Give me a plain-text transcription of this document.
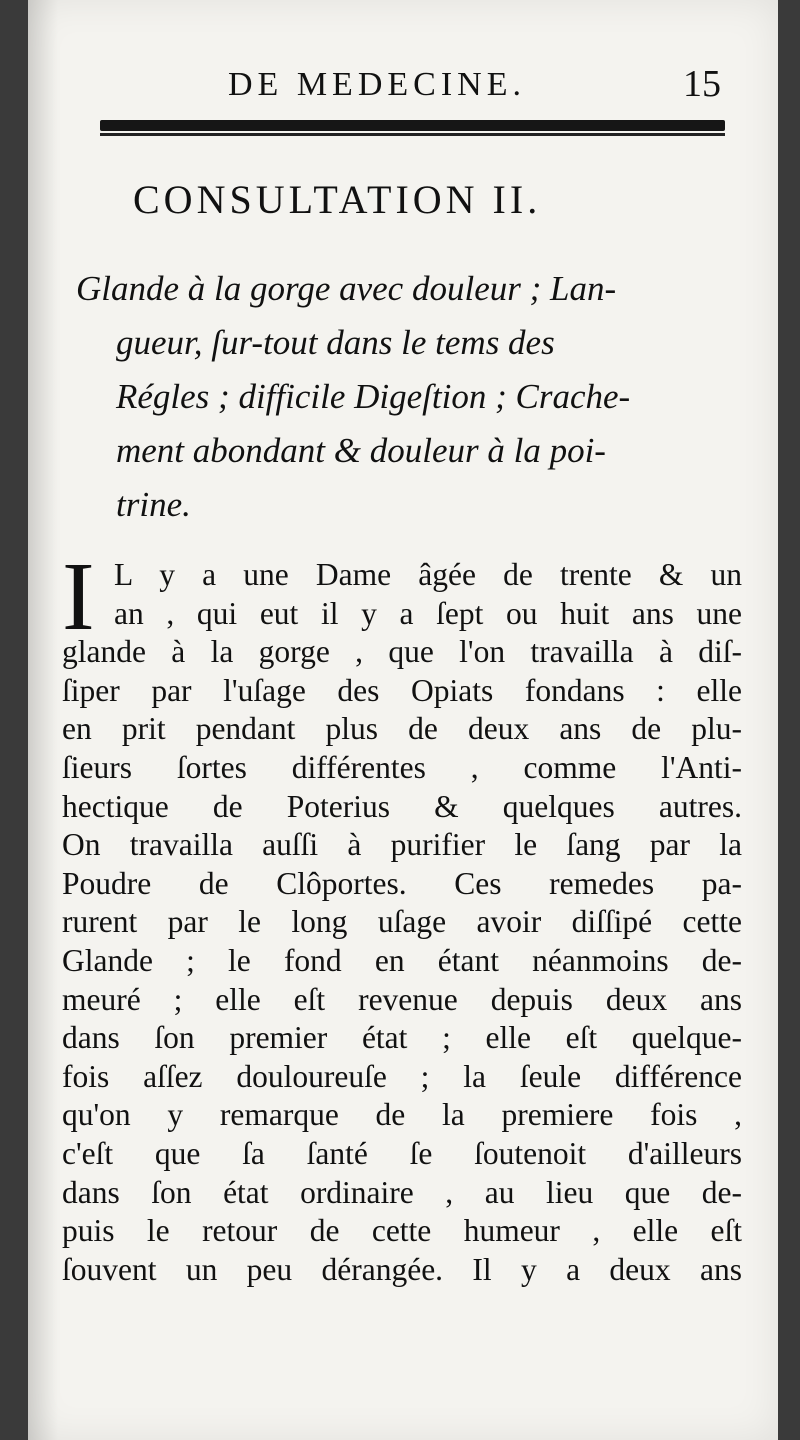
DE MEDECINE.	15
CONSULTATION II.
Glande à la gorge avec douleur ; Lan-
gueur, ſur-tout dans le tems des
Régles ; difficile Digeſtion ; Crache-
ment abondant & douleur à la poi-
trine.
I L y a une Dame âgée de trente & un
an , qui eut il y a ſept ou huit ans une
glande à la gorge , que l'on travailla à diſ-
ſiper par l'uſage des Opiats fondans : elle
en prit pendant plus de deux ans de plu-
ſieurs ſortes différentes , comme l'Anti-
hectique de Poterius & quelques autres.
On travailla auſſi à purifier le ſang par la
Poudre de Clôportes. Ces remedes pa-
rurent par le long uſage avoir diſſipé cette
Glande ; le fond en étant néanmoins de-
meuré ; elle eſt revenue depuis deux ans
dans ſon premier état ; elle eſt quelque-
fois aſſez douloureuſe ; la ſeule différence
qu'on y remarque de la premiere fois ,
c'eſt que ſa ſanté ſe ſoutenoit d'ailleurs
dans ſon état ordinaire , au lieu que de-
puis le retour de cette humeur , elle eſt
ſouvent un peu dérangée. Il y a deux ans
